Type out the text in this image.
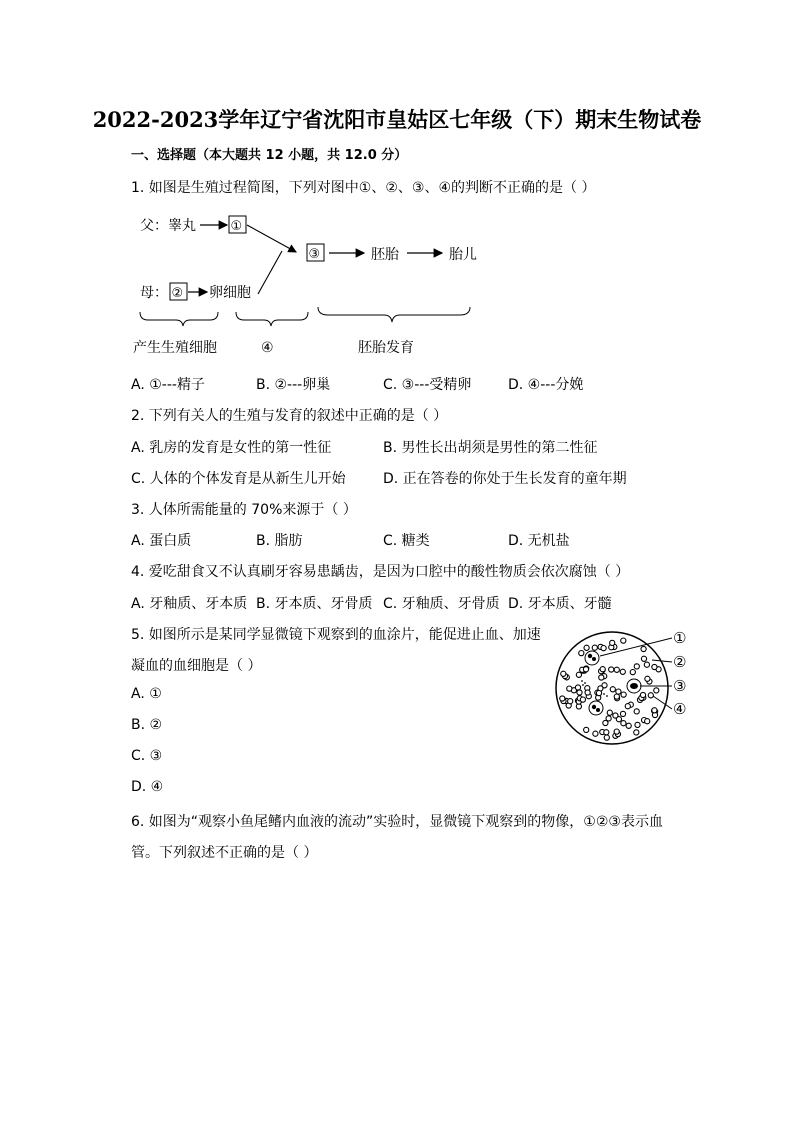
2022-2023学年辽宁省沈阳市皇姑区七年级（下）期末生物试卷
一、选择题（本大题共 12 小题，共 12.0 分）
1. 如图是生殖过程简图，下列对图中①、②、③、④的判断不正确的是（ ）
父：睾丸	①
③	胚胎	胎儿
母： ② 卵细胞
产生生殖细胞	④	胚胎发育
A. ①---精子	B. ②---卵巢	C. ③---受精卵	D. ④---分娩
2. 下列有关人的生殖与发育的叙述中正确的是（ ）
A. 乳房的发育是女性的第一性征	B. 男性长出胡须是男性的第二性征
C. 人体的个体发育是从新生儿开始	D. 正在答卷的你处于生长发育的童年期
3. 人体所需能量的 70%来源于（ ）
A. 蛋白质	B. 脂肪	C. 糖类	D. 无机盐
4. 爱吃甜食又不认真刷牙容易患龋齿，是因为口腔中的酸性物质会依次腐蚀（ ）
A. 牙釉质、牙本质 B. 牙本质、牙骨质 C. 牙釉质、牙骨质 D. 牙本质、牙髓
5. 如图所示是某同学显微镜下观察到的血涂片，能促进止血、加速
凝血的血细胞是（ ）
A. ①
B. ②
C. ③
D. ④
①
②
③
④
6. 如图为“观察小鱼尾鳍内血液的流动”实验时，显微镜下观察到的物像，①②③表示血
管。下列叙述不正确的是（ ）
